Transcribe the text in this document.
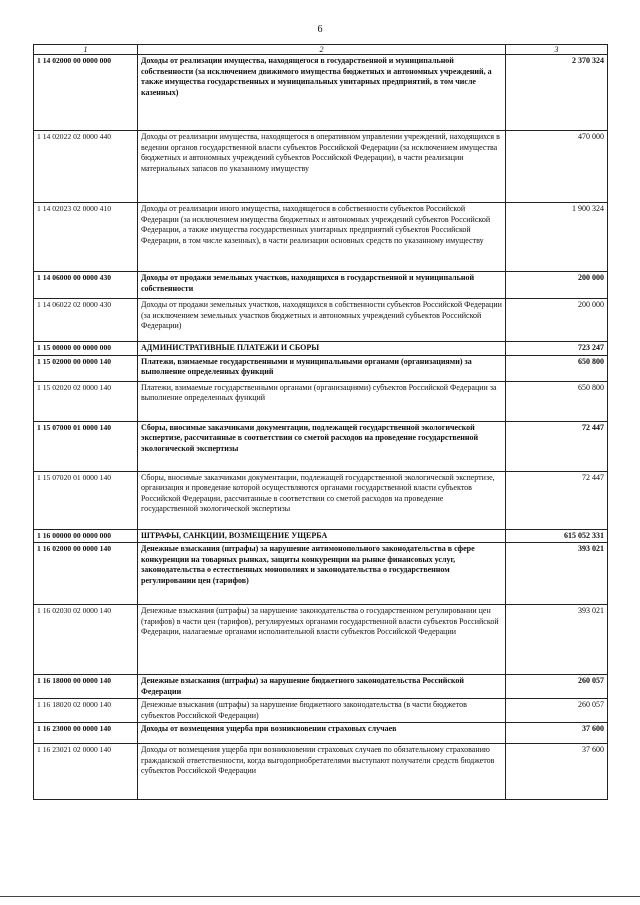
6
1	2	3
1 14 02000 00 0000 000	Доходы от реализации имущества, находящегося в государственной и муниципальной собственности (за исключением движимого имущества бюджетных и автономных учреждений, а также имущества государственных и муниципальных унитарных предприятий, в том числе казенных)	2 370 324
1 14 02022 02 0000 440	Доходы от реализации имущества, находящегося в оперативном управлении учреждений, находящихся в ведении органов государственной власти субъектов Российской Федерации (за исключением имущества бюджетных и автономных учреждений субъектов Российской Федерации), в части реализации материальных запасов по указанному имуществу	470 000
1 14 02023 02 0000 410	Доходы от реализации иного имущества, находящегося в собственности субъектов Российской Федерации (за исключением имущества бюджетных и автономных учреждений субъектов Российской Федерации, а также имущества государственных унитарных предприятий субъектов Российской Федерации, в том числе казенных), в части реализации основных средств по указанному имуществу	1 900 324
1 14 06000 00 0000 430	Доходы от продажи земельных участков, находящихся в государственной и муниципальной собственности	200 000
1 14 06022 02 0000 430	Доходы от продажи земельных участков, находящихся в собственности субъектов Российской Федерации (за исключением земельных участков бюджетных и автономных учреждений субъектов Российской Федерации)	200 000
1 15 00000 00 0000 000	АДМИНИСТРАТИВНЫЕ ПЛАТЕЖИ И СБОРЫ	723 247
1 15 02000 00 0000 140	Платежи, взимаемые государственными и муниципальными органами (организациями) за выполнение определенных функций	650 800
1 15 02020 02 0000 140	Платежи, взимаемые государственными органами (организациями) субъектов Российской Федерации за выполнение определенных функций	650 800
1 15 07000 01 0000 140	Сборы, вносимые заказчиками документации, подлежащей государственной экологической экспертизе, рассчитанные в соответствии со сметой расходов на проведение государственной экологической экспертизы	72 447
1 15 07020 01 0000 140	Сборы, вносимые заказчиками документации, подлежащей государственной экологической экспертизе, организация и проведение которой осуществляются органами государственной власти субъектов Российской Федерации, рассчитанные в соответствии со сметой расходов на проведение государственной экологической экспертизы	72 447
1 16 00000 00 0000 000	ШТРАФЫ, САНКЦИИ, ВОЗМЕЩЕНИЕ УЩЕРБА	615 052 331
1 16 02000 00 0000 140	Денежные взыскания (штрафы) за нарушение антимонопольного законодательства в сфере конкуренции на товарных рынках, защиты конкуренции на рынке финансовых услуг, законодательства о естественных монополиях и законодательства о государственном регулировании цен (тарифов)	393 021
1 16 02030 02 0000 140	Денежные взыскания (штрафы) за нарушение законодательства о государственном регулировании цен (тарифов) в части цен (тарифов), регулируемых органами государственной власти субъектов Российской Федерации, налагаемые органами исполнительной власти субъектов Российской Федерации	393 021
1 16 18000 00 0000 140	Денежные взыскания (штрафы) за нарушение бюджетного законодательства Российской Федерации	260 057
1 16 18020 02 0000 140	Денежные взыскания (штрафы) за нарушение бюджетного законодательства (в части бюджетов субъектов Российской Федерации)	260 057
1 16 23000 00 0000 140	Доходы от возмещения ущерба при возникновении страховых случаев	37 600
1 16 23021 02 0000 140	Доходы от возмещения ущерба при возникновении страховых случаев по обязательному страхованию гражданской ответственности, когда выгодоприобретателями выступают получатели средств бюджетов субъектов Российской Федерации	37 600
